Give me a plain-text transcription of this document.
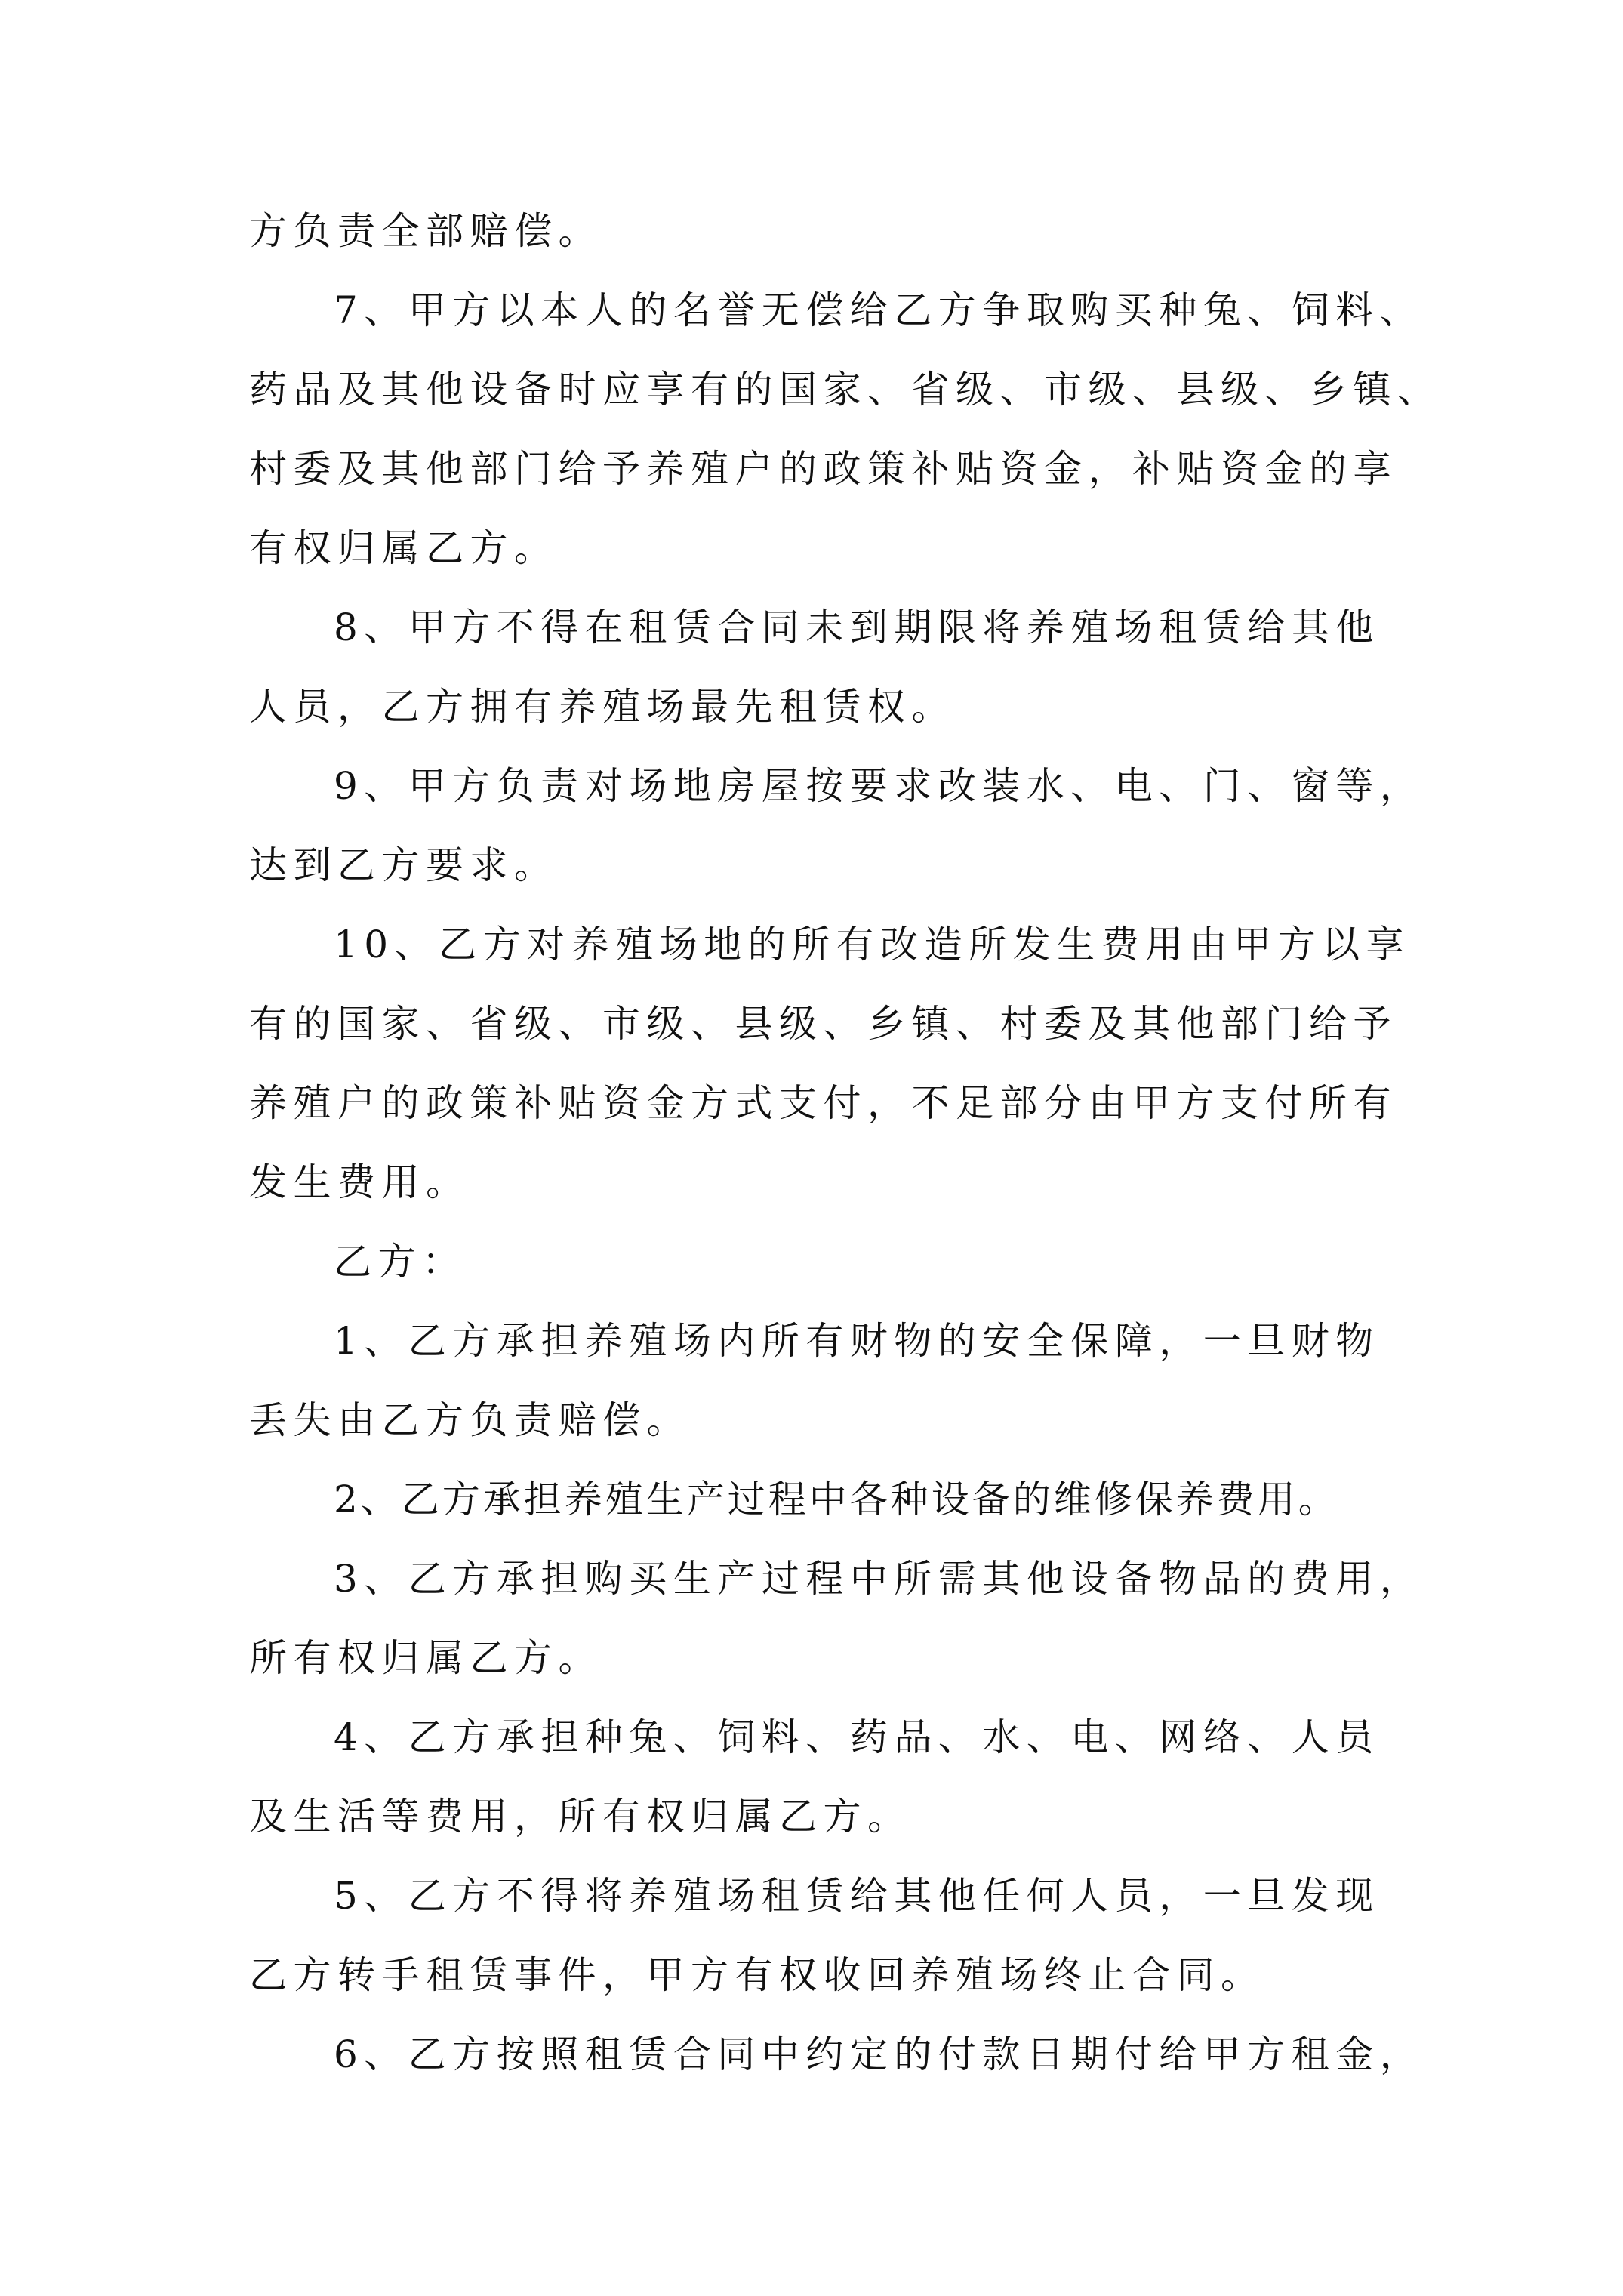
方负责全部赔偿。
7、甲方以本人的名誉无偿给乙方争取购买种兔、饲料、
药品及其他设备时应享有的国家、省级、市级、县级、乡镇、
村委及其他部门给予养殖户的政策补贴资金，补贴资金的享
有权归属乙方。
8、甲方不得在租赁合同未到期限将养殖场租赁给其他
人员，乙方拥有养殖场最先租赁权。
9、甲方负责对场地房屋按要求改装水、电、门、窗等，
达到乙方要求。
10、乙方对养殖场地的所有改造所发生费用由甲方以享
有的国家、省级、市级、县级、乡镇、村委及其他部门给予
养殖户的政策补贴资金方式支付，不足部分由甲方支付所有
发生费用。
乙方：
1、乙方承担养殖场内所有财物的安全保障，一旦财物
丢失由乙方负责赔偿。
2、乙方承担养殖生产过程中各种设备的维修保养费用。
3、乙方承担购买生产过程中所需其他设备物品的费用，
所有权归属乙方。
4、乙方承担种兔、饲料、药品、水、电、网络、人员
及生活等费用，所有权归属乙方。
5、乙方不得将养殖场租赁给其他任何人员，一旦发现
乙方转手租赁事件，甲方有权收回养殖场终止合同。
6、乙方按照租赁合同中约定的付款日期付给甲方租金，
